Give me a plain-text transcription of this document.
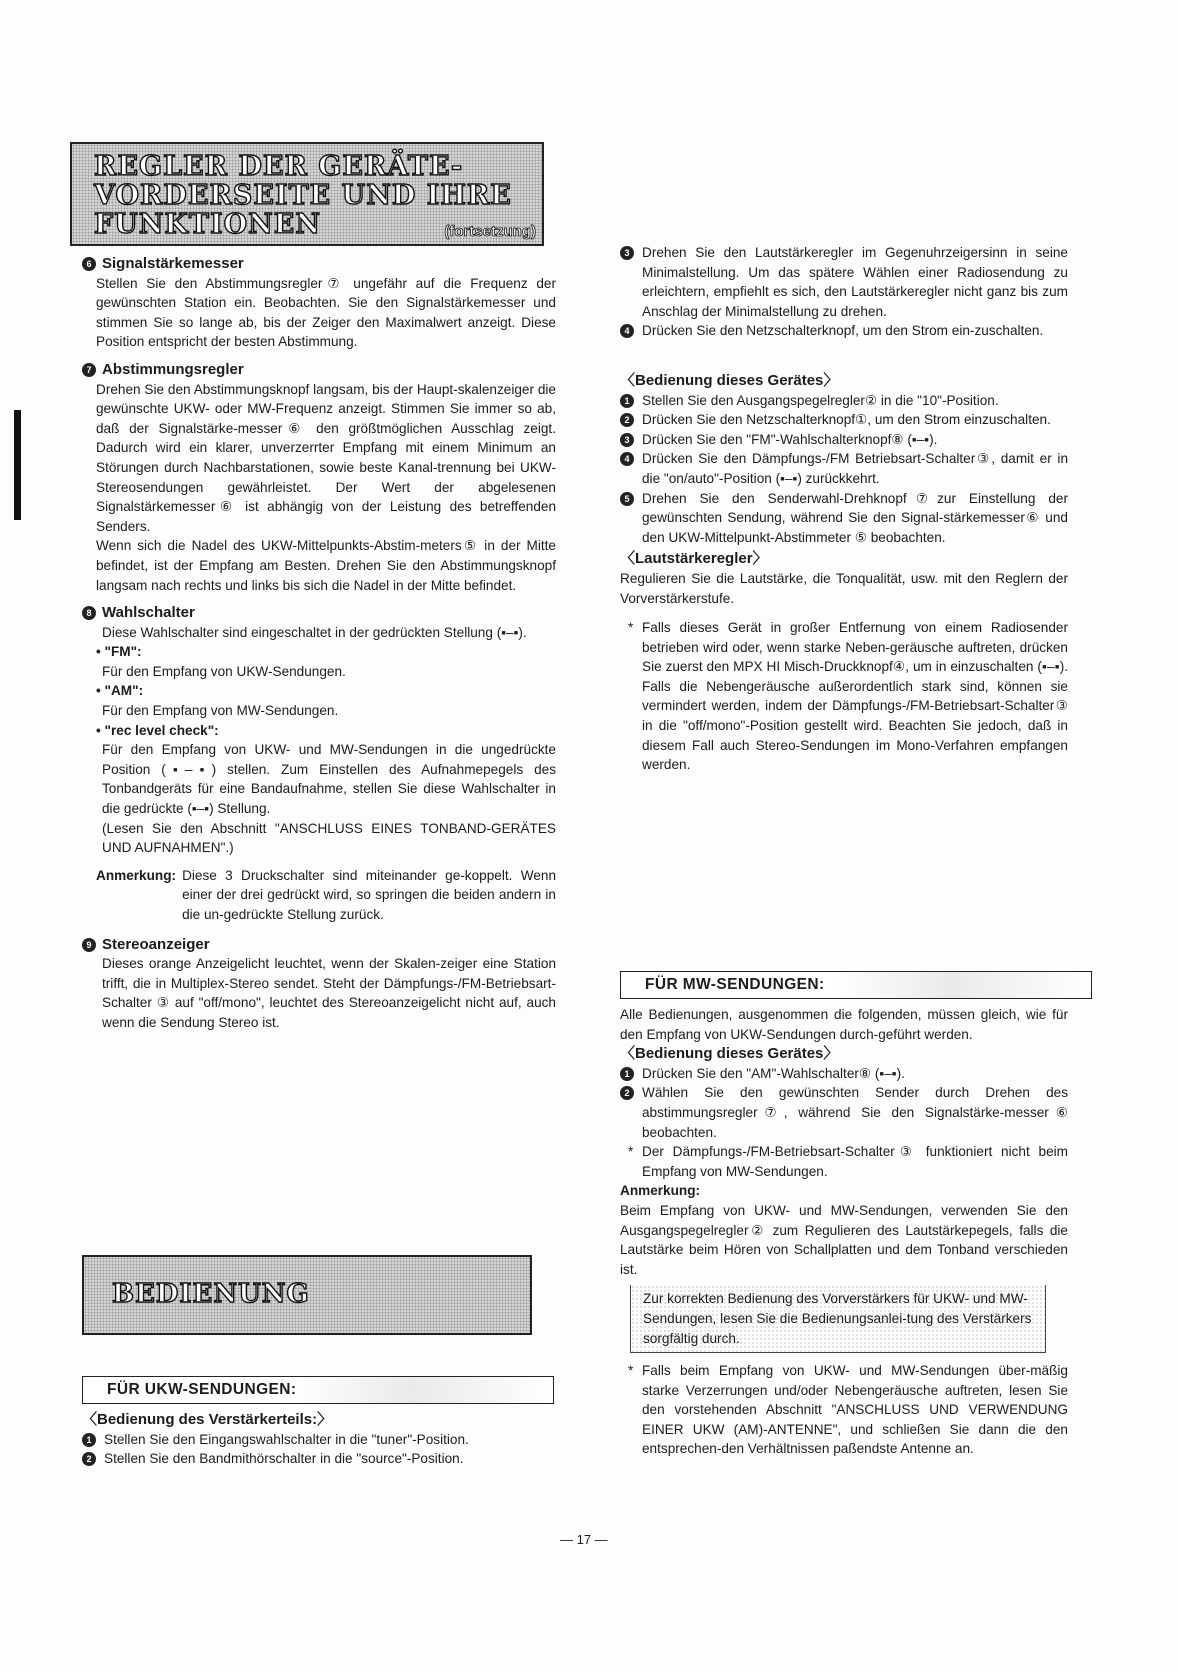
REGLER DER GERÄTE-
VORDERSEITE UND IHRE
FUNKTIONEN	(fortsetzung)
6 Signalstärkemesser

Stellen Sie den Abstimmungsregler⑦ ungefähr auf die Frequenz der gewünschten Station ein. Beobachten. Sie den Signalstärkemesser und stimmen Sie so lange ab, bis der Zeiger den Maximalwert anzeigt. Diese Position entspricht der besten Abstimmung.

7 Abstimmungsregler

Drehen Sie den Abstimmungsknopf langsam, bis der Haupt-skalenzeiger die gewünschte UKW- oder MW-Frequenz anzeigt. Stimmen Sie immer so ab, daß der Signalstärke-messer⑥ den größtmöglichen Ausschlag zeigt. Dadurch wird ein klarer, unverzerrter Empfang mit einem Minimum an Störungen durch Nachbarstationen, sowie beste Kanal-trennung bei UKW-Stereosendungen gewährleistet. Der Wert der abgelesenen Signalstärkemesser⑥ ist abhängig von der Leistung des betreffenden Senders.

Wenn sich die Nadel des UKW-Mittelpunkts-Abstim-meters⑤ in der Mitte befindet, ist der Empfang am Besten. Drehen Sie den Abstimmungsknopf langsam nach rechts und links bis sich die Nadel in der Mitte befindet.

8 Wahlschalter

Diese Wahlschalter sind eingeschaltet in der gedrückten Stellung (▪‒▪).

• "FM":

Für den Empfang von UKW-Sendungen.

• "AM":

Für den Empfang von MW-Sendungen.

• "rec level check":

Für den Empfang von UKW- und MW-Sendungen in die ungedrückte Position (▪‒▪) stellen. Zum Einstellen des Aufnahmepegels des Tonbandgeräts für eine Bandaufnahme, stellen Sie diese Wahlschalter in die gedrückte (▪‒▪) Stellung.

(Lesen Sie den Abschnitt "ANSCHLUSS EINES TONBAND-GERÄTES UND AUFNAHMEN".)

Anmerkung: Diese 3 Druckschalter sind miteinander ge-koppelt. Wenn einer der drei gedrückt wird, so springen die beiden andern in die un-gedrückte Stellung zurück.
9 Stereoanzeiger

Dieses orange Anzeigelicht leuchtet, wenn der Skalen-zeiger eine Station trifft, die in Multiplex-Stereo sendet. Steht der Dämpfungs-/FM-Betriebsart-Schalter ③ auf "off/mono", leuchtet des Stereoanzeigelicht nicht auf, auch wenn die Sendung Stereo ist.

BEDIENUNG
FÜR UKW-SENDUNGEN:
〈Bedienung des Verstärkerteils:〉

1 Stellen Sie den Eingangswahlschalter in die "tuner"-Position.

2 Stellen Sie den Bandmithörschalter in die "source"-Position.

3 Drehen Sie den Lautstärkeregler im Gegenuhrzeigersinn in seine Minimalstellung. Um das spätere Wählen einer Radiosendung zu erleichtern, empfiehlt es sich, den Lautstärkeregler nicht ganz bis zum Anschlag der Minimalstellung zu drehen.

4 Drücken Sie den Netzschalterknopf, um den Strom ein-zuschalten.

〈Bedienung dieses Gerätes〉

1 Stellen Sie den Ausgangspegelregler② in die "10"-Position.

2 Drücken Sie den Netzschalterknopf①, um den Strom einzuschalten.

3 Drücken Sie den "FM"-Wahlschalterknopf⑧ (▪‒▪).

4 Drücken Sie den Dämpfungs-/FM Betriebsart-Schalter③, damit er in die "on/auto"-Position (▪‒▪) zurückkehrt.

5 Drehen Sie den Senderwahl-Drehknopf⑦zur Einstellung der gewünschten Sendung, während Sie den Signal-stärkemesser⑥ und den UKW-Mittelpunkt-Abstimmeter ⑤ beobachten.

〈Lautstärkeregler〉

Regulieren Sie die Lautstärke, die Tonqualität, usw. mit den Reglern der Vorverstärkerstufe.

* Falls dieses Gerät in großer Entfernung von einem Radiosender betrieben wird oder, wenn starke Neben-geräusche auftreten, drücken Sie zuerst den MPX HI Misch-Druckknopf④, um in einzuschalten (▪‒▪). Falls die Nebengeräusche außerordentlich stark sind, können sie vermindert werden, indem der Dämpfungs-/FM-Betriebsart-Schalter③ in die "off/mono"-Position gestellt wird. Beachten Sie jedoch, daß in diesem Fall auch Stereo-Sendungen im Mono-Verfahren empfangen werden.

FÜR MW-SENDUNGEN:

Alle Bedienungen, ausgenommen die folgenden, müssen gleich, wie für den Empfang von UKW-Sendungen durch-geführt werden.

〈Bedienung dieses Gerätes〉

1 Drücken Sie den "AM"-Wahlschalter⑧ (▪‒▪).

2 Wählen Sie den gewünschten Sender durch Drehen des abstimmungsregler⑦, während Sie den Signalstärke-messer⑥ beobachten.

* Der Dämpfungs-/FM-Betriebsart-Schalter③ funktioniert nicht beim Empfang von MW-Sendungen.

Anmerkung:

Beim Empfang von UKW- und MW-Sendungen, verwenden Sie den Ausgangspegelregler② zum Regulieren des Lautstärkepegels, falls die Lautstärke beim Hören von Schallplatten und dem Tonband verschieden ist.

Zur korrekten Bedienung des Vorverstärkers für UKW- und MW-Sendungen, lesen Sie die Bedienungsanlei-tung des Verstärkers sorgfältig durch.

* Falls beim Empfang von UKW- und MW-Sendungen über-mäßig starke Verzerrungen und/oder Nebengeräusche auftreten, lesen Sie den vorstehenden Abschnitt "ANSCHLUSS UND VERWENDUNG EINER UKW (AM)-ANTENNE", und schließen Sie dann die den entsprechen-den Verhältnissen paßendste Antenne an.

— 17 —
